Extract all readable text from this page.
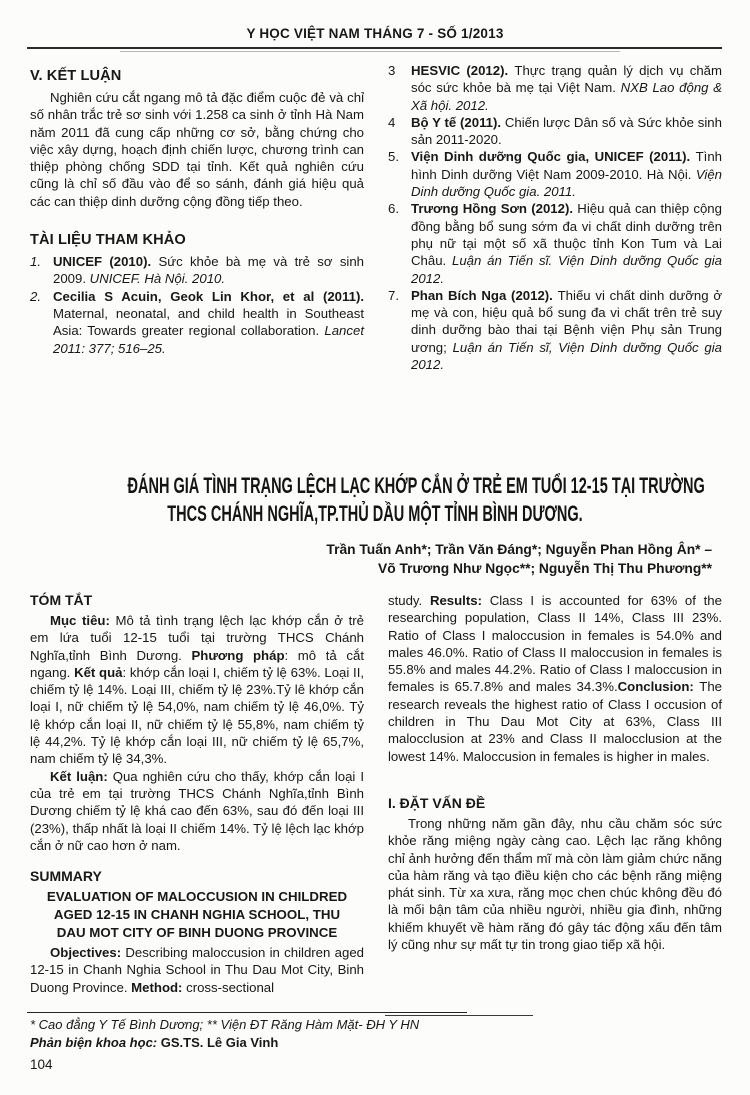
Y HỌC VIỆT NAM THÁNG 7 - SỐ 1/2013
V. KẾT LUẬN

Nghiên cứu cắt ngang mô tả đặc điểm cuộc đẻ và chỉ số nhân trắc trẻ sơ sinh với 1.258 ca sinh ở tỉnh Hà Nam năm 2011 đã cung cấp những cơ sở, bằng chứng cho việc xây dựng, hoạch định chiến lược, chương trình can thiệp phòng chống SDD tại tỉnh. Kết quả nghiên cứu cũng là chỉ số đầu vào để so sánh, đánh giá hiệu quả các can thiệp dinh dưỡng cộng đồng tiếp theo.

TÀI LIỆU THAM KHẢO
1. UNICEF (2010). Sức khỏe bà mẹ và trẻ sơ sinh 2009. UNICEF. Hà Nội. 2010.
2. Cecilia S Acuin, Geok Lin Khor, et al (2011). Maternal, neonatal, and child health in Southeast Asia: Towards greater regional collaboration. Lancet 2011: 377; 516–25.
3	HESVIC (2012). Thực trạng quản lý dịch vụ chăm sóc sức khỏe bà mẹ tại Việt Nam. NXB Lao động & Xã hội. 2012.
4	Bộ Y tế (2011). Chiến lược Dân số và Sức khỏe sinh sản 2011-2020.
5. Viện Dinh dưỡng Quốc gia, UNICEF (2011). Tình hình Dinh dưỡng Việt Nam 2009-2010. Hà Nội. Viện Dinh dưỡng Quốc gia. 2011.
6. Trương Hồng Sơn (2012). Hiệu quả can thiệp cộng đồng bằng bổ sung sớm đa vi chất dinh dưỡng trên phụ nữ tại một số xã thuộc tỉnh Kon Tum và Lai Châu. Luận án Tiến sĩ. Viện Dinh dưỡng Quốc gia 2012.
7. Phan Bích Nga (2012). Thiếu vi chất dinh dưỡng ở mẹ và con, hiệu quả bổ sung đa vi chất trên trẻ suy dinh dưỡng bào thai tại Bệnh viện Phụ sản Trung ương; Luận án Tiến sĩ, Viện Dinh dưỡng Quốc gia 2012.
ĐÁNH GIÁ TÌNH TRẠNG LỆCH LẠC KHỚP CẮN Ở TRẺ EM TUỔI 12-15 TẠI TRƯỜNG
THCS CHÁNH NGHĨA,TP.THỦ DẦU MỘT TỈNH BÌNH DƯƠNG.
Trần Tuấn Anh*; Trần Văn Đáng*; Nguyễn Phan Hồng Ân* –
Võ Trương Như Ngọc**; Nguyễn Thị Thu Phương**
TÓM TẮT

Mục tiêu: Mô tả tình trạng lệch lạc khớp cắn ở trẻ em lứa tuổi 12-15 tuổi tại trường THCS Chánh Nghĩa,tỉnh Bình Dương. Phương pháp: mô tả cắt ngang. Kết quả: khớp cắn loại I, chiếm tỷ lệ 63%. Loại II, chiếm tỷ lệ 14%. Loại III, chiếm tỷ lệ 23%.Tỷ lê khớp cắn loại I, nữ chiếm tỷ lệ 54,0%, nam chiếm tỷ lệ 46,0%. Tỷ lệ khớp cắn loại II, nữ chiếm tỷ lệ 55,8%, nam chiếm tỷ lệ 44,2%. Tỷ lệ khớp cắn loại III, nữ chiếm tỷ lệ 65,7%, nam chiếm tỷ lệ 34,3%.

Kết luận: Qua nghiên cứu cho thấy, khớp cắn loại I của trẻ em tại trường THCS Chánh Nghĩa,tỉnh Bình Dương chiếm tỷ lệ khá cao đến 63%, sau đó đến loại III (23%), thấp nhất là loại II chiếm 14%. Tỷ lệ lệch lạc khớp cắn ở nữ cao hơn ở nam.

SUMMARY
EVALUATION OF MALOCCUSION IN CHILDRED
AGED 12-15 IN CHANH NGHIA SCHOOL, THU
DAU MOT CITY OF BINH DUONG PROVINCE

Objectives: Describing maloccusion in children aged 12-15 in Chanh Nghia School in Thu Dau Mot City, Binh Duong Province. Method: cross-sectional

study. Results: Class I is accounted for 63% of the researching population, Class II 14%, Class III 23%. Ratio of Class I maloccusion in females is 54.0% and males 46.0%. Ratio of Class II maloccusion in females is 55.8% and males 44.2%. Ratio of Class I maloccusion in females is 65.7.8% and males 34.3%.Conclusion: The research reveals the highest ratio of Class I occusion of children in Thu Dau Mot City at 63%, Class III malocclusion at 23% and Class II malocclusion at the lowest 14%. Maloccusion in females is higher in males.

I. ĐẶT VẤN ĐỀ

Trong những năm gần đây, nhu cầu chăm sóc sức khỏe răng miệng ngày càng cao. Lệch lạc răng không chỉ ảnh hưởng đến thẩm mĩ mà còn làm giảm chức năng của hàm răng và tạo điều kiện cho các bệnh răng miệng phát sinh. Từ xa xưa, răng mọc chen chúc không đều đó là mối bận tâm của nhiều người, nhiều gia đình, những khiếm khuyết về hàm răng đó gây tác động xấu đến tâm lý cũng như sự mất tự tin trong giao tiếp xã hội.

* Cao đẳng Y Tế Bình Dương; ** Viện ĐT Răng Hàm Mặt- ĐH Y HN
Phản biện khoa học: GS.TS. Lê Gia Vinh
104
